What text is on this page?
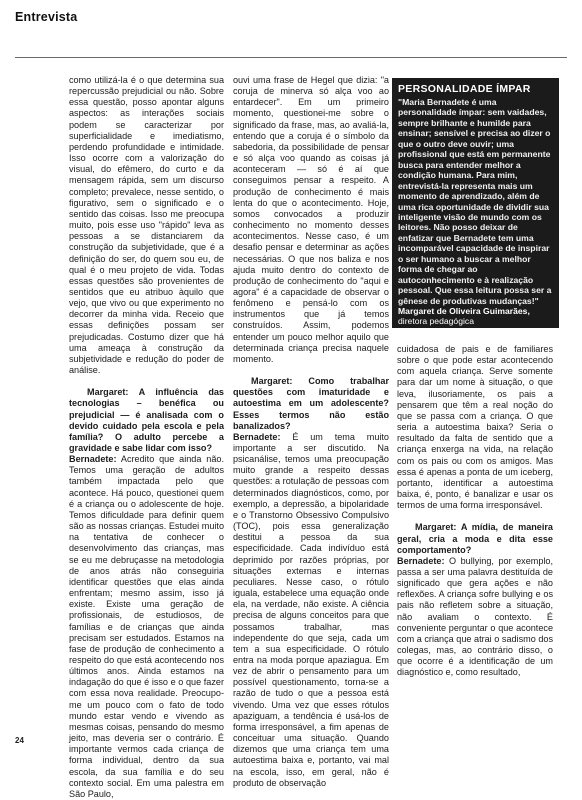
Entrevista

como utilizá-la é o que determina sua repercussão prejudicial ou não. Sobre essa questão, posso apontar alguns aspectos: as interações sociais podem se caracterizar por superficialidade e imediatismo, perdendo profundidade e intimidade. Isso ocorre com a valorização do visual, do efêmero, do curto e da mensagem rápida, sem um discurso completo; prevalece, nesse sentido, o figurativo, sem o significado e o sentido das coisas. Isso me preocupa muito, pois esse uso "rápido" leva as pessoas a se distanciarem da construção da subjetividade, que é a definição do ser, do quem sou eu, de qual é o meu projeto de vida. Todas essas questões são provenientes de sentidos que eu atribuo àquilo que vejo, que vivo ou que experimento no decorrer da minha vida. Receio que essas definições possam ser prejudicadas. Costumo dizer que há uma ameaça à construção da subjetividade e redução do poder de análise.

Margaret: A influência das tecnologias – benéfica ou prejudicial — é analisada com o devido cuidado pela escola e pela família? O adulto percebe a gravidade e sabe lidar com isso?

Bernadete: Acredito que ainda não. Temos uma geração de adultos também impactada pelo que acontece. Há pouco, questionei quem é a criança ou o adolescente de hoje. Temos dificuldade para definir quem são as nossas crianças. Estudei muito na tentativa de conhecer o desenvolvimento das crianças, mas se eu me debruçasse na metodologia de anos atrás não conseguiria identificar questões que elas ainda enfrentam; mesmo assim, isso já existe. Existe uma geração de profissionais, de estudiosos, de famílias e de crianças que ainda precisam ser estudados. Estamos na fase de produção de conhecimento a respeito do que está acontecendo nos últimos anos. Ainda estamos na indagação do que é isso e o que fazer com essa nova realidade. Preocupo-me um pouco com o fato de todo mundo estar vendo e vivendo as mesmas coisas, pensando do mesmo jeito, mas deveria ser o contrário. É importante vermos cada criança de forma individual, dentro da sua escola, da sua família e do seu contexto social. Em uma palestra em São Paulo,

ouvi uma frase de Hegel que dizia: "a coruja de minerva só alça voo ao entardecer". Em um primeiro momento, questionei-me sobre o significado da frase, mas, ao avaliá-la, entendo que a coruja é o símbolo da sabedoria, da possibilidade de pensar e só alça voo quando as coisas já aconteceram — só é aí que conseguimos pensar a respeito. A produção de conhecimento é mais lenta do que o acontecimento. Hoje, somos convocados a produzir conhecimento no momento desses acontecimentos. Nesse caso, é um desafio pensar e determinar as ações necessárias. O que nos baliza e nos ajuda muito dentro do contexto de produção de conhecimento do "aqui e agora" é a capacidade de observar o fenômeno e pensá-lo com os instrumentos que já temos construídos. Assim, podemos entender um pouco melhor aquilo que determinada criança precisa naquele momento.

Margaret: Como trabalhar questões com imaturidade e autoestima em um adolescente? Esses termos não estão banalizados?

Bernadete: É um tema muito importante a ser discutido. Na psicanálise, temos uma preocupação muito grande a respeito dessas questões: a rotulação de pessoas com determinados diagnósticos, como, por exemplo, a depressão, a bipolaridade e o Transtorno Obsessivo Compulsivo (TOC), pois essa generalização destitui a pessoa da sua especificidade. Cada indivíduo está deprimido por razões próprias, por situações externas e internas peculiares. Nesse caso, o rótulo iguala, estabelece uma equação onde ela, na verdade, não existe. A ciência precisa de alguns conceitos para que possamos trabalhar, mas independente do que seja, cada um tem a sua especificidade. O rótulo entra na moda porque apaziagua. Em vez de abrir o pensamento para um possível questionamento, torna-se a razão de tudo o que a pessoa está vivendo. Uma vez que esses rótulos apaziguam, a tendência é usá-los de forma irresponsável, a fim apenas de conceituar uma situação. Quando dizemos que uma criança tem uma autoestima baixa e, portanto, vai mal na escola, isso, em geral, não é produto de observação

PERSONALIDADE ÍMPAR
"Maria Bernadete é uma personalidade ímpar: sem vaidades, sempre brilhante e humilde para ensinar; sensível e precisa ao dizer o que o outro deve ouvir; uma profissional que está em permanente busca para entender melhor a condição humana. Para mim, entrevistá-la representa mais um momento de aprendizado, além de uma rica oportunidade de dividir sua inteligente visão de mundo com os leitores. Não posso deixar de enfatizar que Bernadete tem uma incomparável capacidade de inspirar o ser humano a buscar a melhor forma de chegar ao autoconhecimento e à realização pessoal. Que essa leitura possa ser a gênese de produtivas mudanças!"
Margaret de Oliveira Guimarães, diretora pedagógica

cuidadosa de pais e de familiares sobre o que pode estar acontecendo com aquela criança. Serve somente para dar um nome à situação, o que leva, ilusoriamente, os pais a pensarem que têm a real noção do que se passa com a criança. O que seria a autoestima baixa? Seria o resultado da falta de sentido que a criança enxerga na vida, na relação com os pais ou com os amigos. Mas essa é apenas a ponta de um iceberg, portanto, identificar a autoestima baixa, é, ponto, é banalizar e usar os termos de uma forma irresponsável.

Margaret: A mídia, de maneira geral, cria a moda e dita esse comportamento?

Bernadete: O bullying, por exemplo, passa a ser uma palavra destituída de significado que gera ações e não reflexões. A criança sofre bullying e os pais não refletem sobre a situação, não avaliam o contexto. É conveniente perguntar o que acontece com a criança que atrai o sadismo dos colegas, mas, ao contrário disso, o que ocorre é a identificação de um diagnóstico e, como resultado,

24
